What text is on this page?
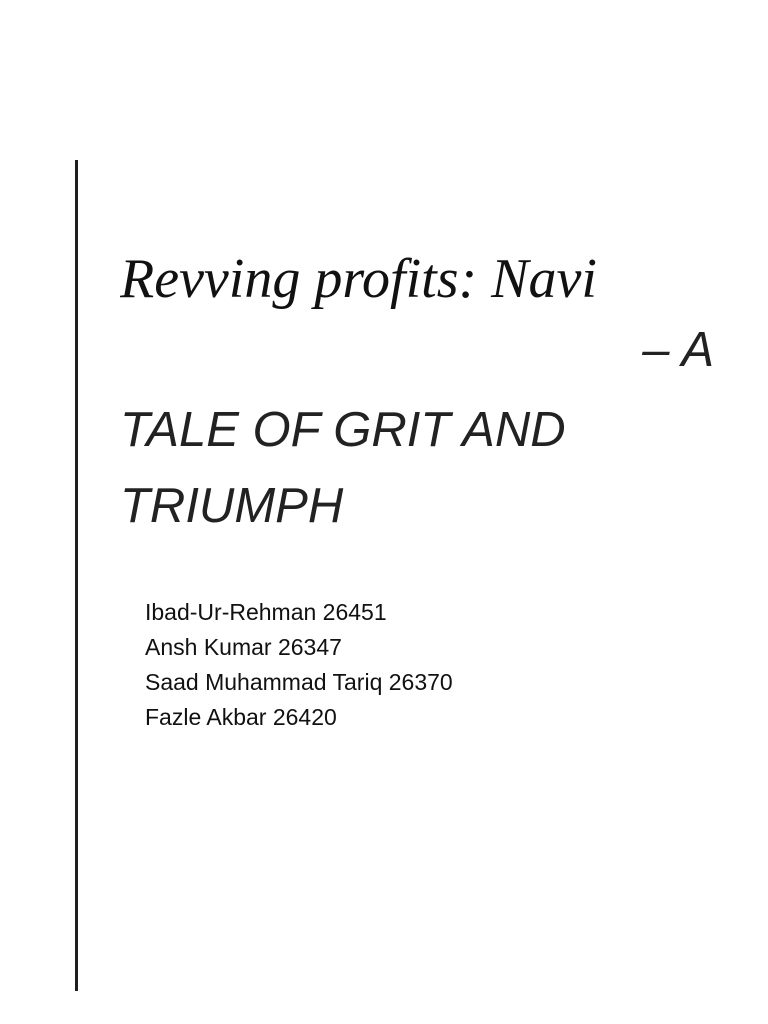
Revving profits: Navi
– A
TALE OF GRIT AND
TRIUMPH
Ibad-Ur-Rehman 26451
Ansh Kumar 26347
Saad Muhammad Tariq 26370
Fazle Akbar 26420
